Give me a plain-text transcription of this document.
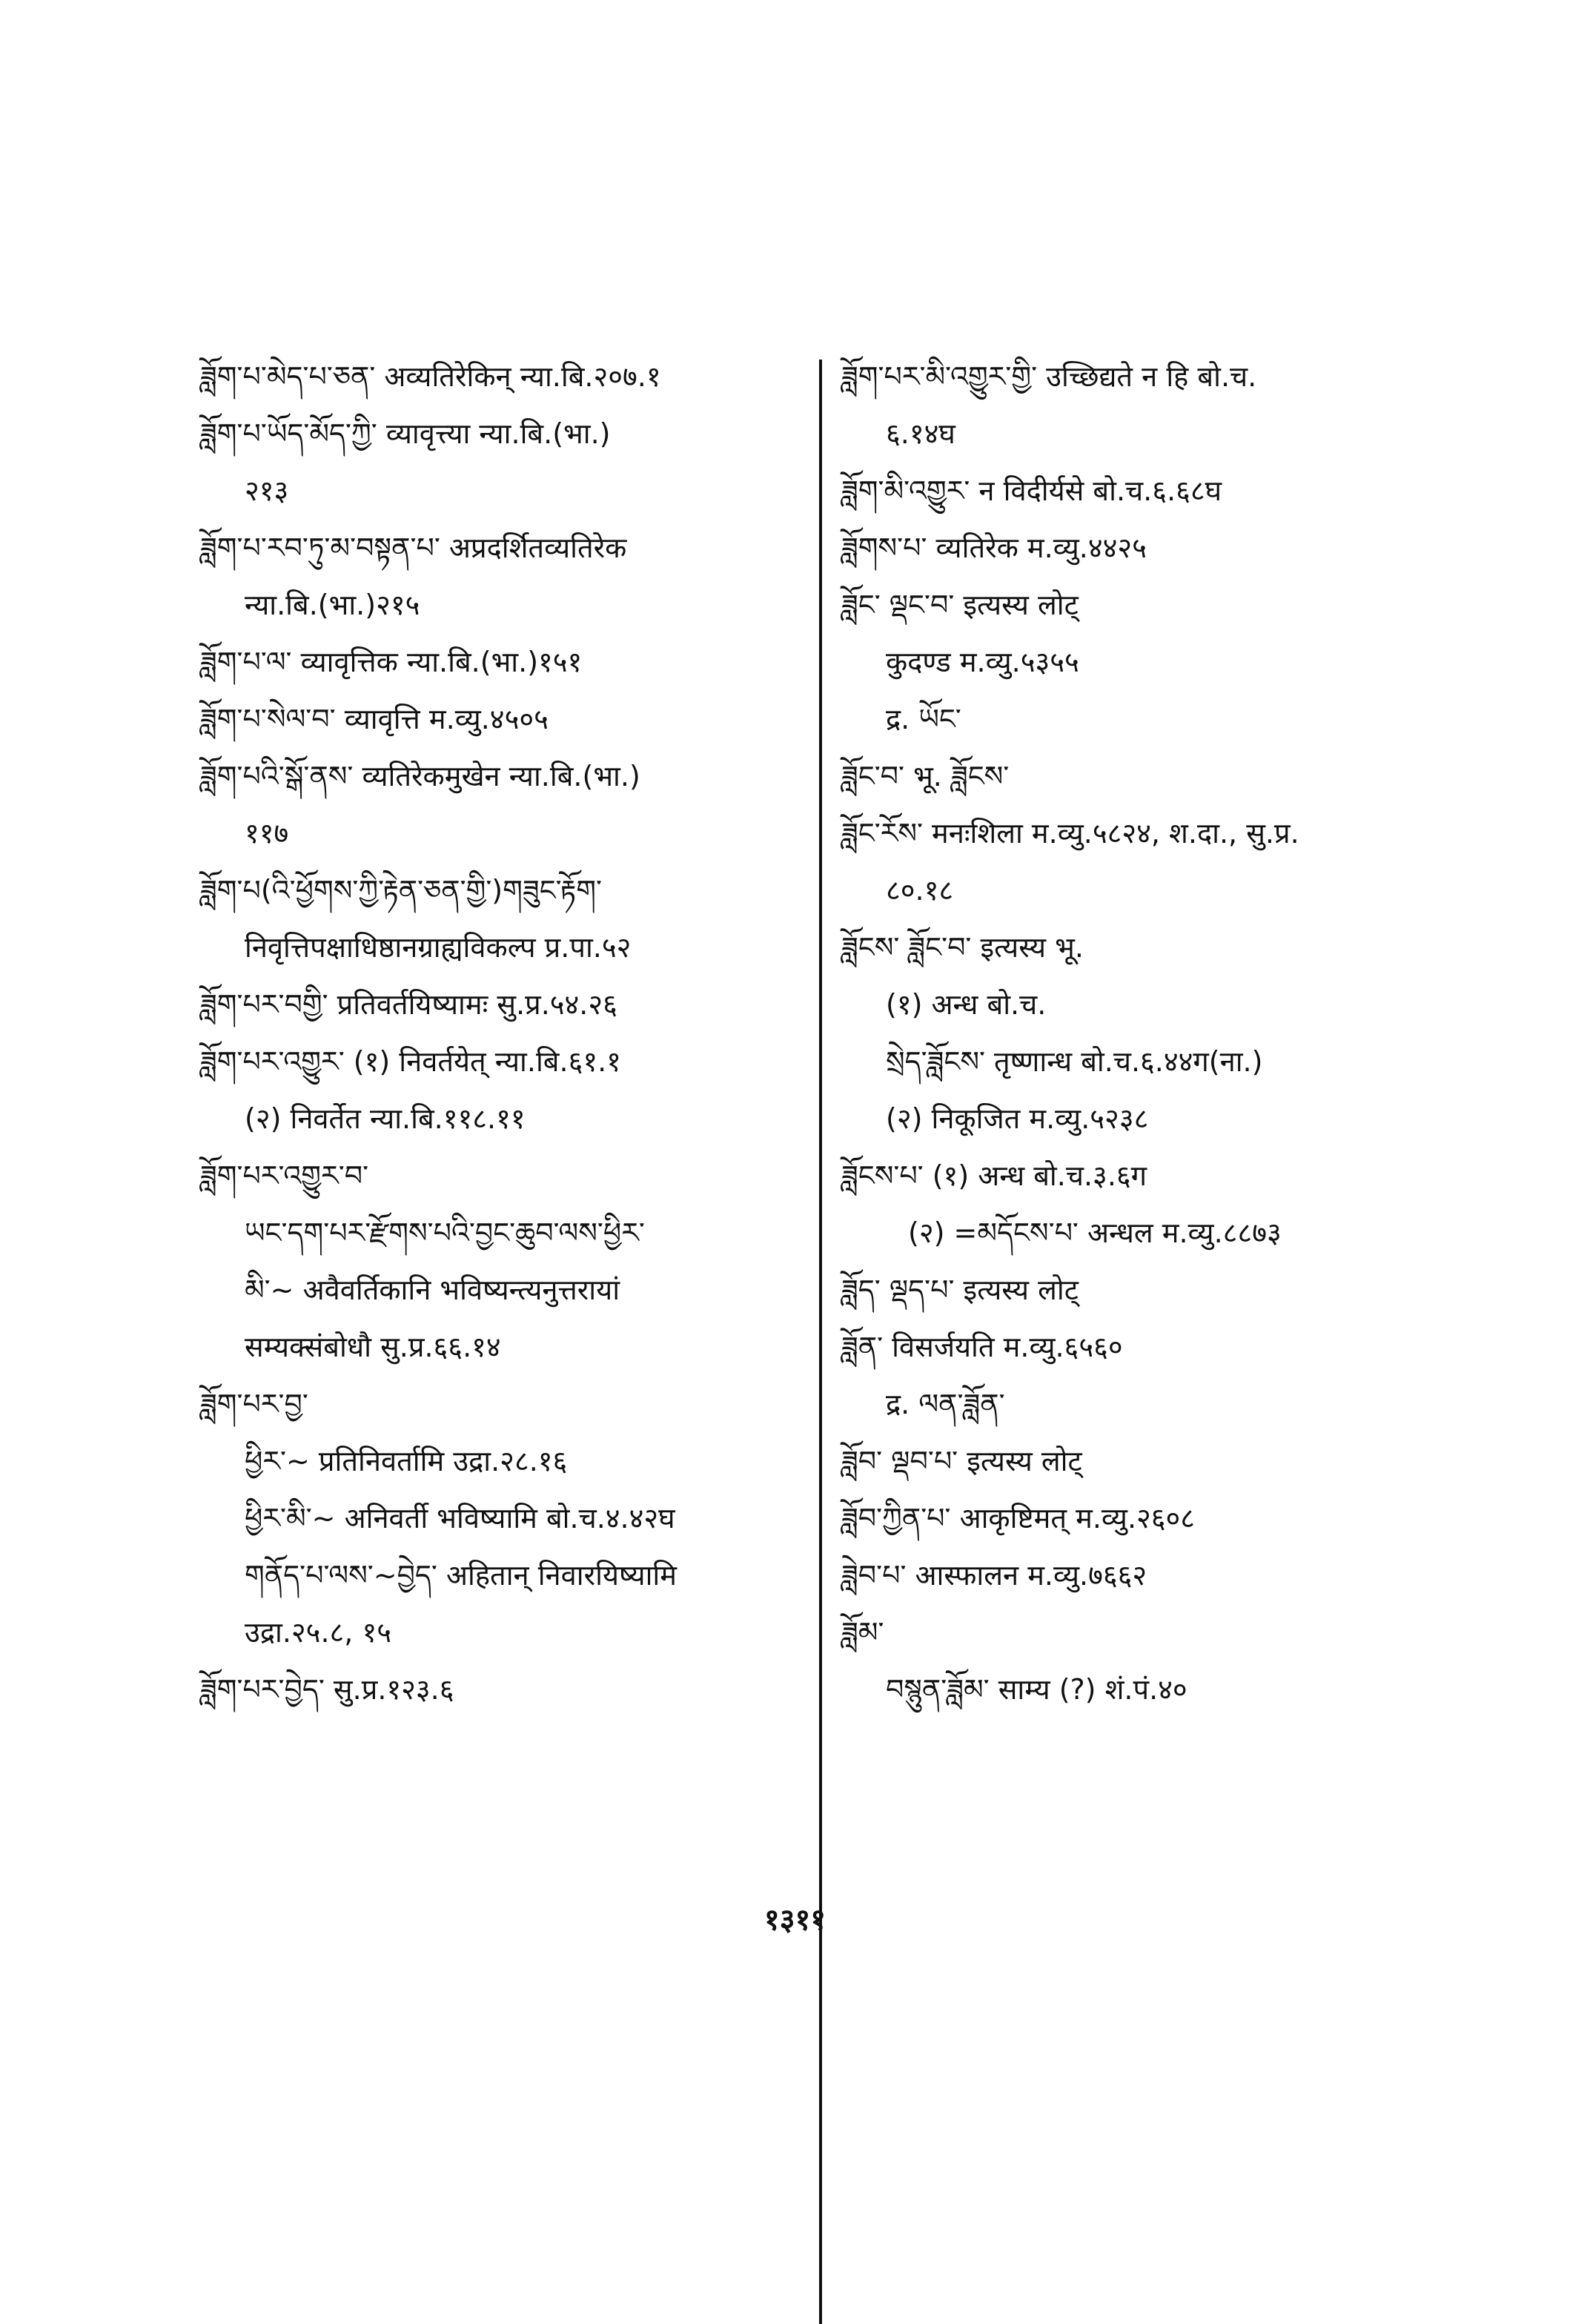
ཟློག་པ་མེད་པ་ཅན་ अव्यतिरेकिन् न्या.बि.२०७.१
ཟློག་པ་ཡོད་མོད་ཀྱི་ व्यावृत्त्या न्या.बि.(भा.)
२१३
ཟློག་པ་རབ་ཏུ་མ་བསྟན་པ་ अप्रदर्शितव्यतिरेक
न्या.बि.(भा.)२१५
ཟློག་པ་ལ་ व्यावृत्तिक न्या.बि.(भा.)१५१
ཟློག་པ་སེལ་བ་ व्यावृत्ति म.व्यु.४५०५
ཟློག་པའི་སྒོ་ནས་ व्यतिरेकमुखेन न्या.बि.(भा.)
११७
ཟློག་པ(འི་ཕྱོགས་ཀྱི་རྟེན་ཅན་གྱི་)གཟུང་རྟོག་
निवृत्तिपक्षाधिष्ठानग्राह्यविकल्प प्र.पा.५२
ཟློག་པར་བགྱི་ प्रतिवर्तयिष्यामः सु.प्र.५४.२६
ཟློག་པར་འགྱུར་ (१) निवर्तयेत् न्या.बि.६१.१
(२) निवर्तेत न्या.बि.११८.११
ཟློག་པར་འགྱུར་བ་
ཡང་དག་པར་རྫོགས་པའི་བྱང་ཆུབ་ལས་ཕྱིར་
མི་~ अवैवर्तिकानि भविष्यन्त्यनुत्तरायां
सम्यक्संबोधौ सु.प्र.६६.१४
ཟློག་པར་བྱ་
ཕྱིར་~ प्रतिनिवर्तामि उद्रा.२८.१६
ཕྱིར་མི་~ अनिवर्ती भविष्यामि बो.च.४.४२घ
གནོད་པ་ལས་~བྱེད་ अहितान् निवारयिष्यामि
उद्रा.२५.८, १५
ཟློག་པར་བྱེད་ सु.प्र.१२३.६
ཟློག་པར་མི་འགྱུར་གྱི་ उच्छिद्यते न हि बो.च.
६.१४घ
ཟློག་མི་འགྱུར་ न विदीर्यसे बो.च.६.६८घ
ཟློགས་པ་ व्यतिरेक म.व्यु.४४२५
ཟློང་ ལྡང་བ་ इत्यस्य लोट्
कुदण्ड म.व्यु.५३५५
द्र. ཡོང་
ཟློང་བ་ भू. ཟློངས་
ཟློང་རོས་ मनःशिला म.व्यु.५८२४, श.दा., सु.प्र.
८०.१८
ཟློངས་ ཟློང་བ་ इत्यस्य भू.
(१) अन्ध बो.च.
སྲེད་ཟློངས་ तृष्णान्ध बो.च.६.४४ग(ना.)
(२) निकूजित म.व्यु.५२३८
ཟློངས་པ་ (१) अन्ध बो.च.३.६ग
(२) =མདོངས་པ་ अन्धल म.व्यु.८८७३
ཟློད་ ལྡད་པ་ इत्यस्य लोट्
ཟློན་ विसर्जयति म.व्यु.६५६०
द्र. ལན་ཟློན་
ཟློབ་ ལྡབ་པ་ इत्यस्य लोट्
ཟློབ་ཀྱིན་པ་ आकृष्टिमत् म.व्यु.२६०८
ཟླེབ་པ་ आस्फालन म.व्यु.७६६२
ཟློམ་
བསྙུན་ཟློམ་ साम्य (?) शं.पं.४०
१३११
